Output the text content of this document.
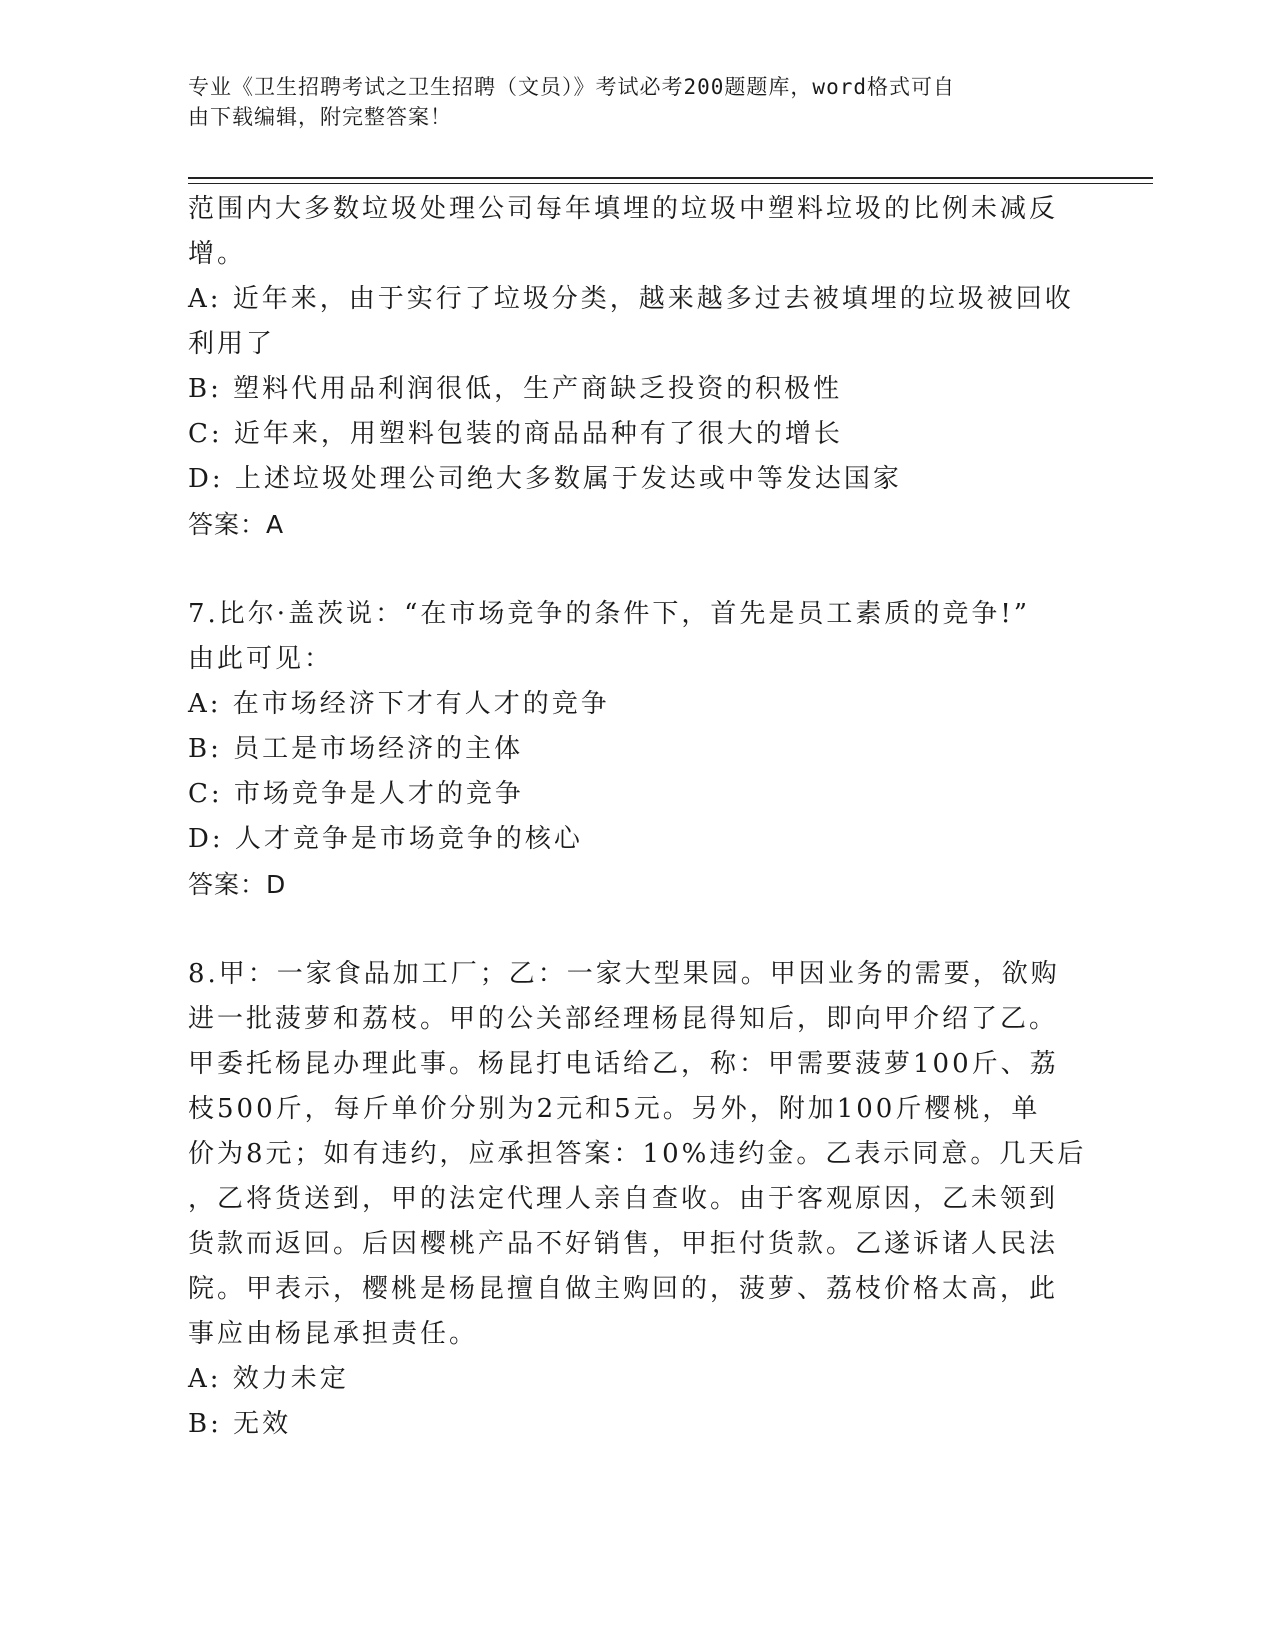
专业《卫生招聘考试之卫生招聘（文员）》考试必考200题题库，word格式可自
由下载编辑，附完整答案！
范围内大多数垃圾处理公司每年填埋的垃圾中塑料垃圾的比例未减反
增。
A: 近年来，由于实行了垃圾分类，越来越多过去被填埋的垃圾被回收
利用了
B: 塑料代用品利润很低，生产商缺乏投资的积极性
C: 近年来，用塑料包装的商品品种有了很大的增长
D: 上述垃圾处理公司绝大多数属于发达或中等发达国家
答案：A
7.比尔·盖茨说：“在市场竞争的条件下，首先是员工素质的竞争!”
由此可见：
A: 在市场经济下才有人才的竞争
B: 员工是市场经济的主体
C: 市场竞争是人才的竞争
D: 人才竞争是市场竞争的核心
答案：D
8.甲：一家食品加工厂；乙：一家大型果园。甲因业务的需要，欲购
进一批菠萝和荔枝。甲的公关部经理杨昆得知后，即向甲介绍了乙。
甲委托杨昆办理此事。杨昆打电话给乙，称：甲需要菠萝100斤、荔
枝500斤，每斤单价分别为2元和5元。另外，附加100斤樱桃，单
价为8元；如有违约，应承担答案：10%违约金。乙表示同意。几天后
，乙将货送到，甲的法定代理人亲自查收。由于客观原因，乙未领到
货款而返回。后因樱桃产品不好销售，甲拒付货款。乙遂诉诸人民法
院。甲表示，樱桃是杨昆擅自做主购回的，菠萝、荔枝价格太高，此
事应由杨昆承担责任。
A: 效力未定
B: 无效
